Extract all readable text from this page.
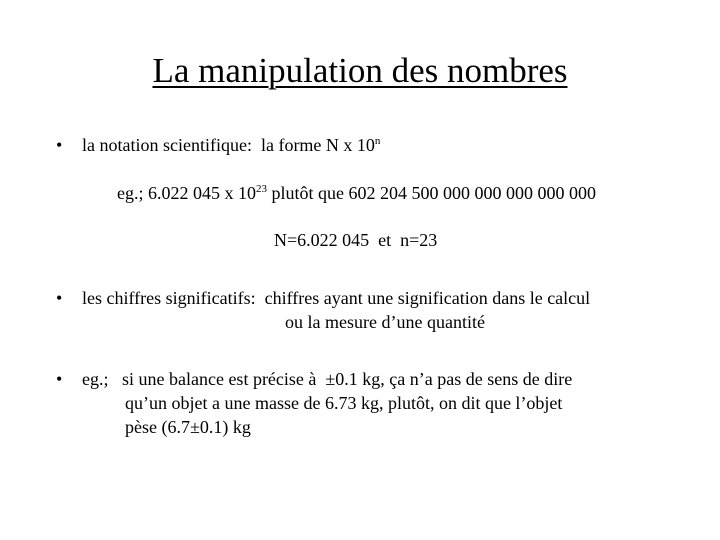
La manipulation des nombres
• la notation scientifique:  la forme N x 10$^n$
eg.; 6.022 045 x $10^{23}$ plutôt que 602 204 500 000 000 000 000 000
N=6.022 045  et  n=23
• les chiffres significatifs:  chiffres ayant une signification dans le calcul
ou la mesure d’une quantité
• eg.;   si une balance est précise à  ±0.1 kg, ça n’a pas de sens de dire
qu’un objet a une masse de 6.73 kg, plutôt, on dit que l’objet
pèse (6.7±0.1) kg
